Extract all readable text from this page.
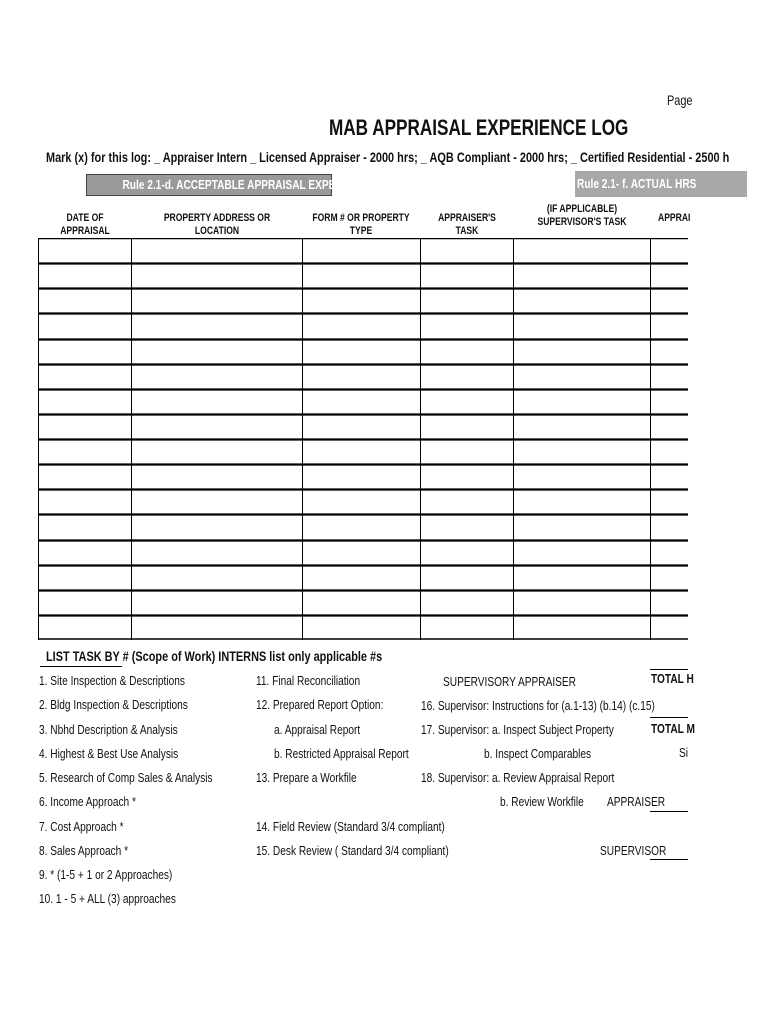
Page
MAB APPRAISAL EXPERIENCE LOG
Mark (x) for this log: _ Appraiser Intern _ Licensed Appraiser - 2000 hrs; _ AQB Compliant - 2000 hrs; _ Certified Residential - 2500 h
Rule 2.1-d. ACCEPTABLE APPRAISAL EXPERIENCE	Rule 2.1- f. ACTUAL HRS
DATE OF APPRAISAL
PROPERTY ADDRESS OR LOCATION
FORM # OR PROPERTY TYPE
APPRAISER'S TASK
(IF APPLICABLE) SUPERVISOR'S TASK	APPRAI
LIST TASK BY # (Scope of Work) INTERNS list only applicable #s
1. Site Inspection & Descriptions
2. Bldg Inspection & Descriptions
3. Nbhd Description & Analysis
4. Highest & Best Use Analysis
5. Research of Comp Sales & Analysis
6. Income Approach *
7. Cost Approach *
8. Sales Approach *
9. * (1-5 + 1 or 2 Approaches)
10. 1 - 5 + ALL (3) approaches
11. Final Reconciliation
12. Prepared Report Option:
a. Appraisal Report
b. Restricted Appraisal Report
13. Prepare a Workfile
14. Field Review (Standard 3/4 compliant)
15. Desk Review ( Standard 3/4 compliant)
SUPERVISORY APPRAISER
16. Supervisor: Instructions for (a.1-13) (b.14) (c.15)
17. Supervisor: a. Inspect Subject Property
b. Inspect Comparables
18. Supervisor: a. Review Appraisal Report
b. Review Workfile
TOTAL H
TOTAL M
Si
APPRAISER
SUPERVISOR
